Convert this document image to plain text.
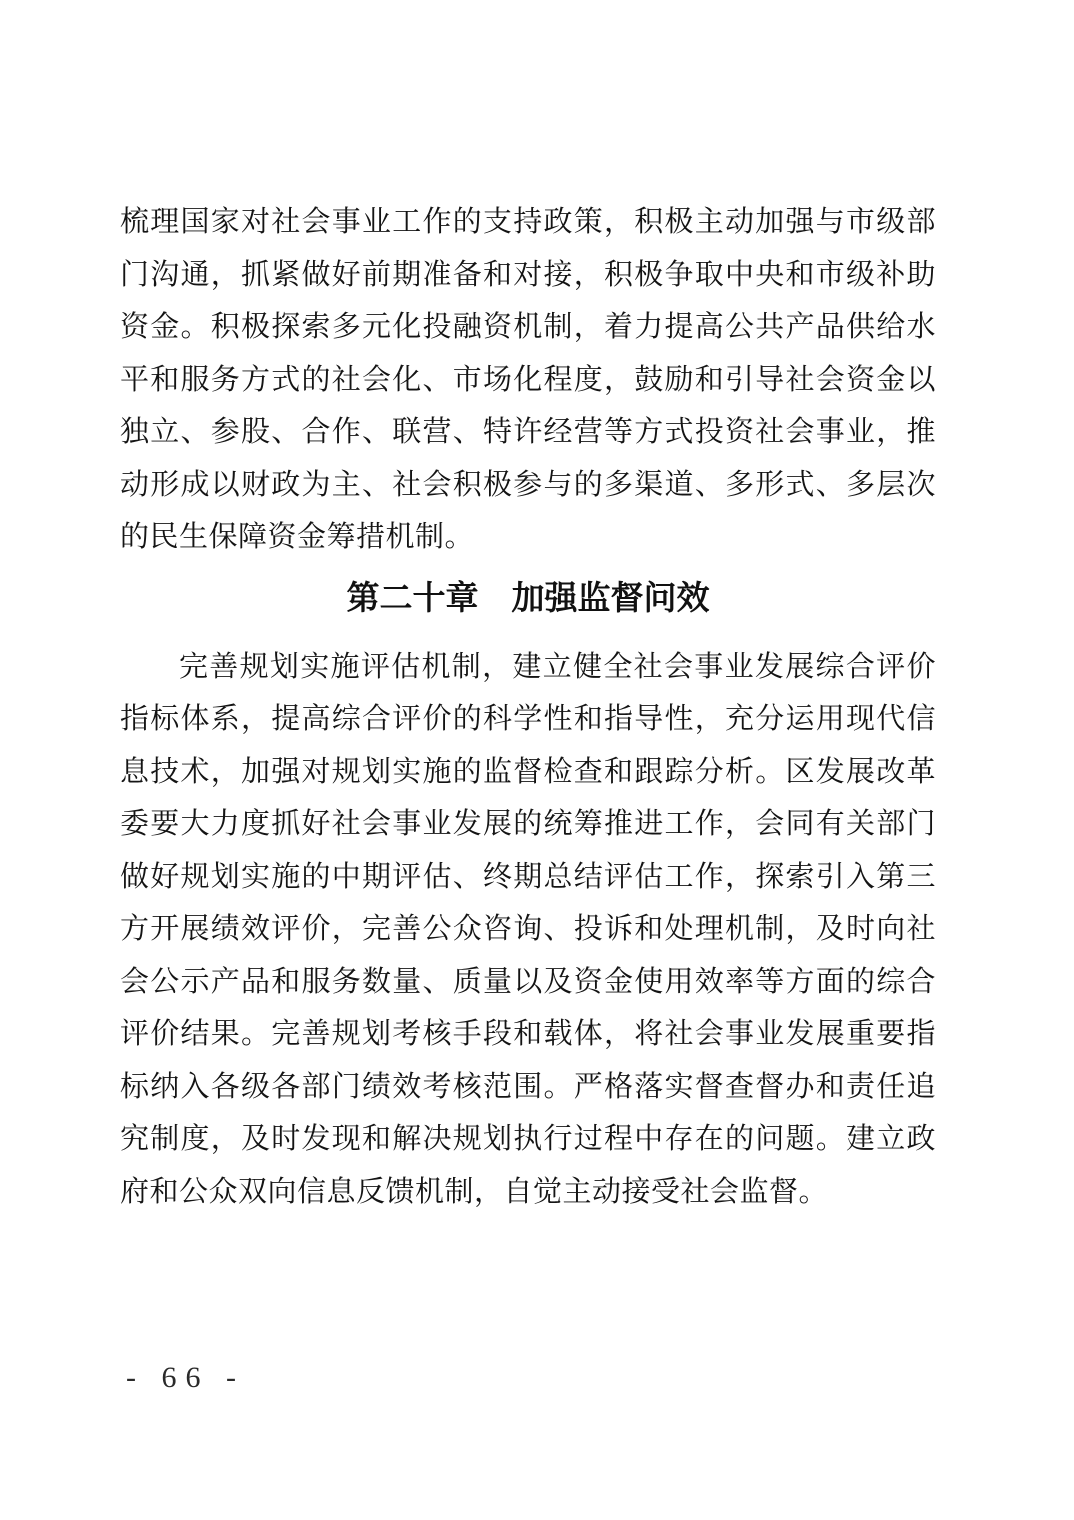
梳理国家对社会事业工作的支持政策，积极主动加强与市级部门沟通，抓紧做好前期准备和对接，积极争取中央和市级补助资金。积极探索多元化投融资机制，着力提高公共产品供给水平和服务方式的社会化、市场化程度，鼓励和引导社会资金以独立、参股、合作、联营、特许经营等方式投资社会事业，推动形成以财政为主、社会积极参与的多渠道、多形式、多层次的民生保障资金筹措机制。

第二十章　加强监督问效

完善规划实施评估机制，建立健全社会事业发展综合评价指标体系，提高综合评价的科学性和指导性，充分运用现代信息技术，加强对规划实施的监督检查和跟踪分析。区发展改革委要大力度抓好社会事业发展的统筹推进工作，会同有关部门做好规划实施的中期评估、终期总结评估工作，探索引入第三方开展绩效评价，完善公众咨询、投诉和处理机制，及时向社会公示产品和服务数量、质量以及资金使用效率等方面的综合评价结果。完善规划考核手段和载体，将社会事业发展重要指标纳入各级各部门绩效考核范围。严格落实督查督办和责任追究制度，及时发现和解决规划执行过程中存在的问题。建立政府和公众双向信息反馈机制，自觉主动接受社会监督。

- 66 -
